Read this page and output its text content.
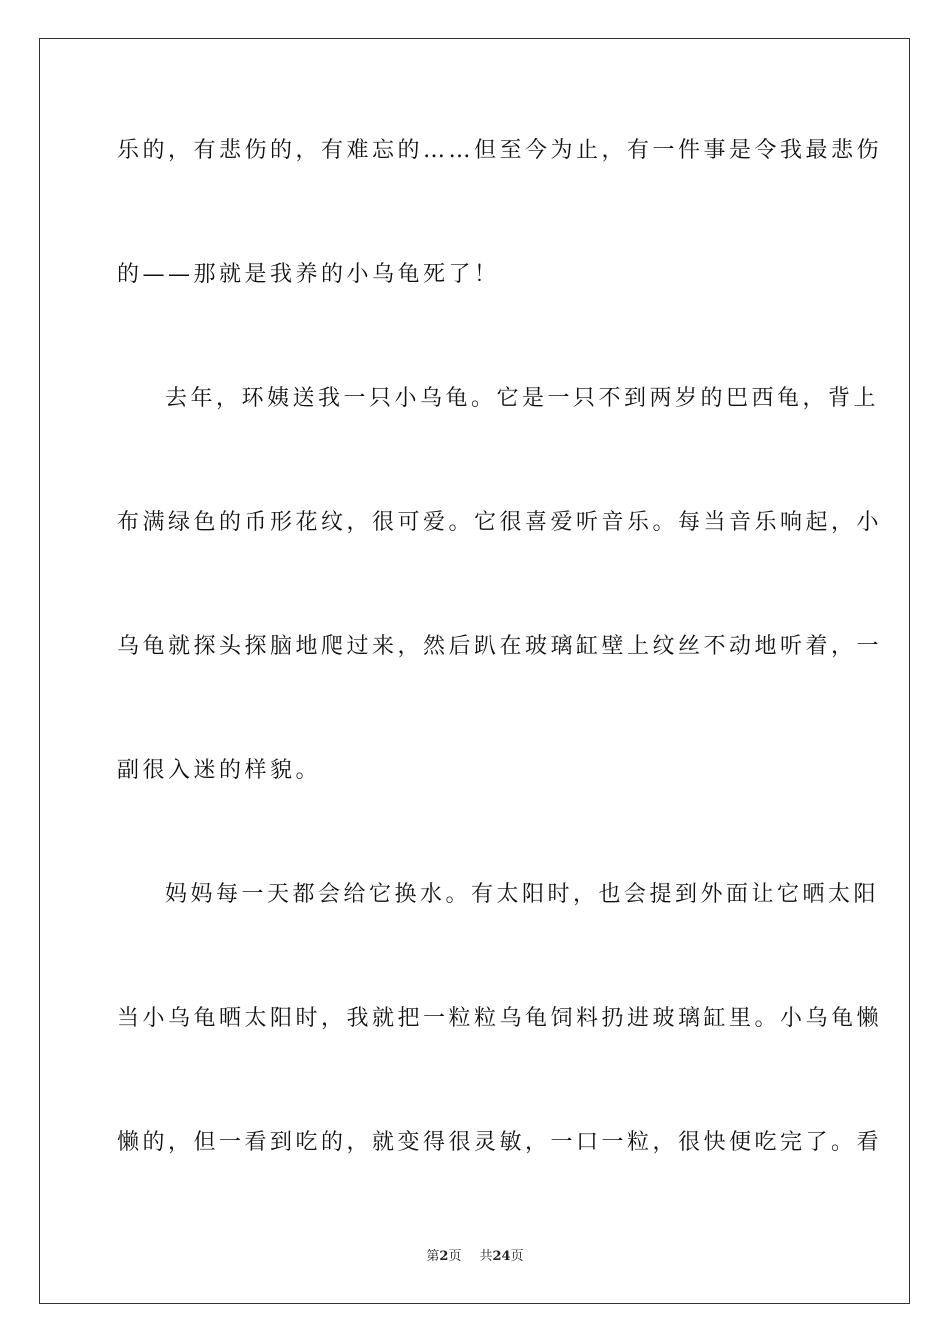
乐的，有悲伤的，有难忘的……但至今为止，有一件事是令我最悲伤
的——那就是我养的小乌龟死了！
去年，环姨送我一只小乌龟。它是一只不到两岁的巴西龟，背上
布满绿色的币形花纹，很可爱。它很喜爱听音乐。每当音乐响起，小
乌龟就探头探脑地爬过来，然后趴在玻璃缸壁上纹丝不动地听着，一
副很入迷的样貌。
妈妈每一天都会给它换水。有太阳时，也会提到外面让它晒太阳
当小乌龟晒太阳时，我就把一粒粒乌龟饲料扔进玻璃缸里。小乌龟懒
懒的，但一看到吃的，就变得很灵敏，一口一粒，很快便吃完了。看
第2页 共24页
